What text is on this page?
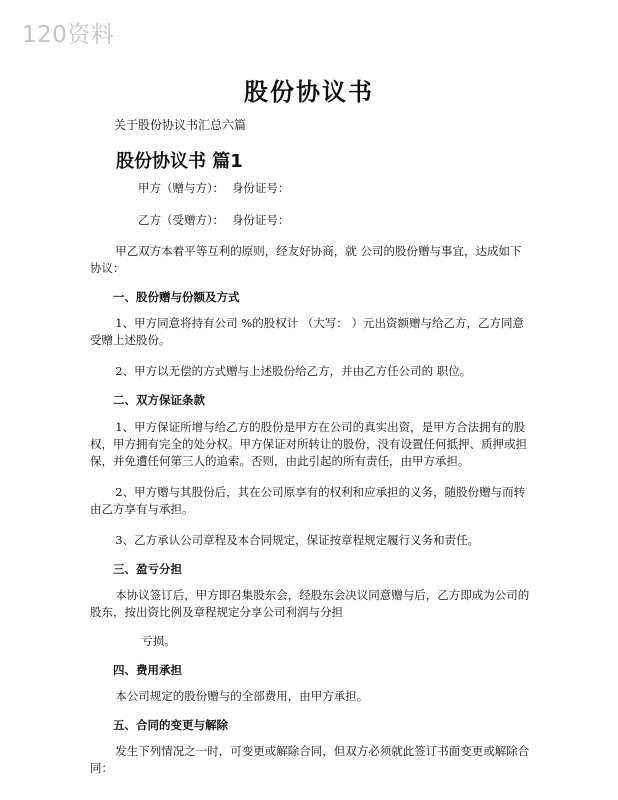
120资料
股份协议书
关于股份协议书汇总六篇
股份协议书 篇1
甲方（赠与方）： 身份证号：
乙方（受赠方）： 身份证号：

甲乙双方本着平等互利的原则，经友好协商，就 公司的股份赠与事宜，达成如下协议：

一、股份赠与份额及方式

1、甲方同意将持有公司 %的股权计 （大写： ）元出资额赠与给乙方，乙方同意受赠上述股份。

2、甲方以无偿的方式赠与上述股份给乙方，并由乙方任公司的 职位。

二、双方保证条款

1、甲方保证所增与给乙方的股份是甲方在公司的真实出资，是甲方合法拥有的股权，甲方拥有完全的处分权。甲方保证对所转让的股份，没有设置任何抵押、质押或担保，并免遭任何第三人的追索。否则，由此引起的所有责任，由甲方承担。

2、甲方赠与其股份后，其在公司原享有的权利和应承担的义务，随股份赠与而转由乙方享有与承担。

3、乙方承认公司章程及本合同规定，保证按章程规定履行义务和责任。

三、盈亏分担

本协议签订后，甲方即召集股东会，经股东会决议同意赠与后，乙方即成为公司的股东，按出资比例及章程规定分享公司利润与分担

亏损。

四、费用承担

本公司规定的股份赠与的全部费用，由甲方承担。

五、合同的变更与解除

发生下列情况之一时，可变更或解除合同，但双方必须就此签订书面变更或解除合同：
